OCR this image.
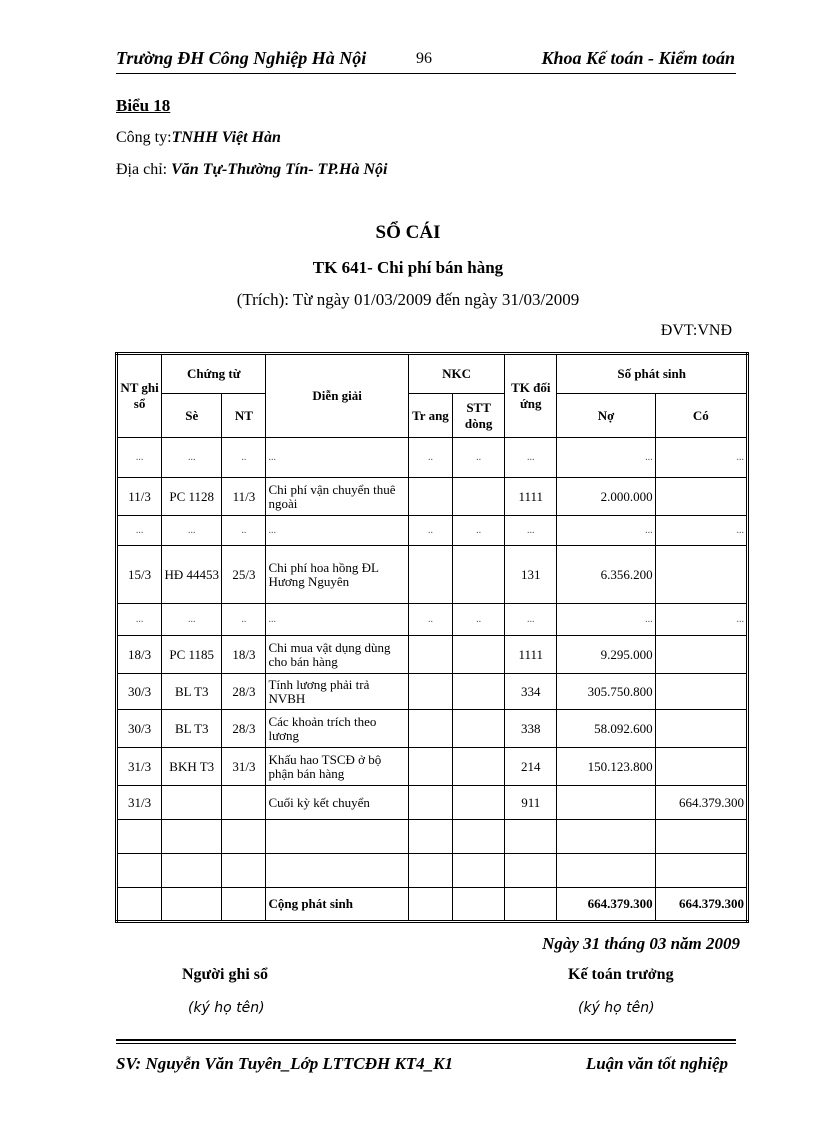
Trường ĐH Công Nghiệp Hà Nội	96	Khoa Kế toán - Kiểm toán
Biểu 18
Công ty:TNHH Việt Hàn
Địa chỉ: Văn Tự-Thường Tín- TP.Hà Nội
SỔ CÁI
TK 641- Chi phí bán hàng
(Trích): Từ ngày 01/03/2009 đến ngày 31/03/2009
ĐVT:VNĐ
NT ghi sổ	Chứng từ		Diễn giải	NKC		TK đối ứng	Số phát sinh	
	Sè	NT		Tr ang	STT dòng		Nợ	Có
...	...	..	...	..	..	...	...	...
11/3	PC 1128	11/3	Chi phí vận chuyển thuê ngoài			1111	2.000.000	
...	...	..	...	..	..	...	...	...
15/3	HĐ 44453	25/3	Chi phí hoa hồng ĐL Hương Nguyên			131	6.356.200	
...	...	..	...	..	..	...	...	...
18/3	PC 1185	18/3	Chi mua vật dụng dùng cho bán hàng			1111	9.295.000	
30/3	BL T3	28/3	Tính lương phải trả NVBH			334	305.750.800	
30/3	BL T3	28/3	Các khoản trích theo lương			338	58.092.600	
31/3	BKH T3	31/3	Khấu hao TSCĐ ở bộ phận bán hàng			214	150.123.800	
31/3			Cuối kỳ kết chuyển			911		664.379.300

			Cộng phát sinh				664.379.300	664.379.300
Ngày 31 tháng 03 năm 2009
Người ghi sổ
(ký họ tên)
Kế toán trưởng
(ký họ tên)
SV: Nguyễn Văn Tuyên_Lớp LTTCĐH KT4_K1	Luận văn tốt nghiệp
